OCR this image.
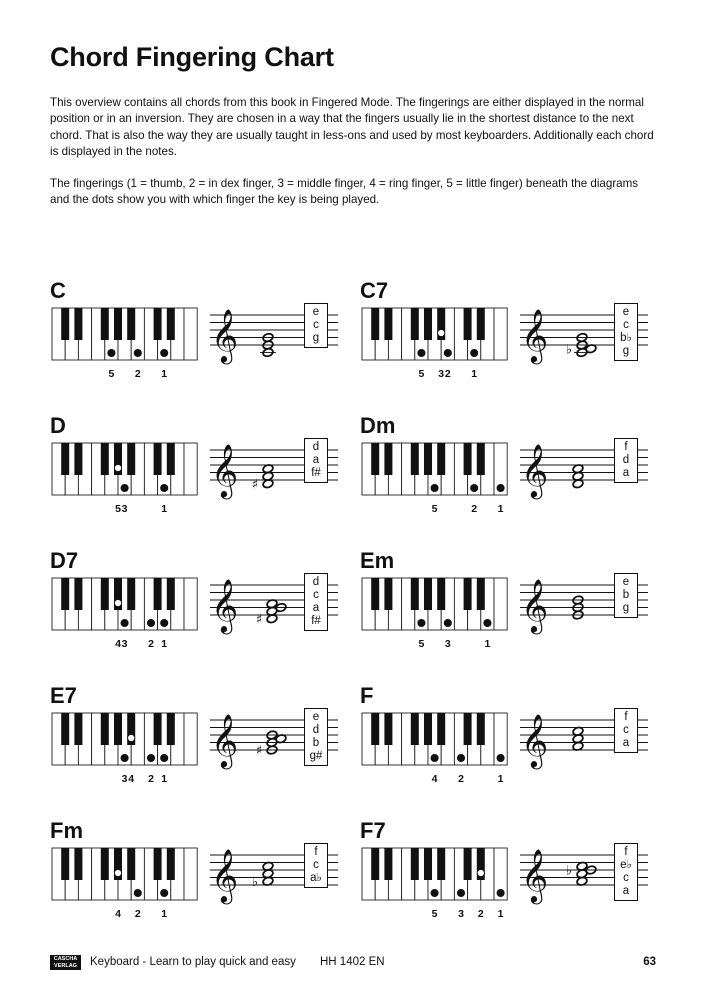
Chord Fingering Chart

This overview contains all chords from this book in Fingered Mode. The fingerings are either displayed in the normal position or in an inversion. They are chosen in a way that the fingers usually lie in the shortest distance to the next chord. That is also the way they are usually taught in less-ons and used by most keyboarders. Additionally each chord is displayed in the notes.

The fingerings (1 = thumb, 2 = in dex finger, 3 = middle finger, 4 = ring finger, 5 = little finger) beneath the diagrams and the dots show you with which finger the key is being played.

C
5 2 1
𝄞	e
c
g
D
5 3	1
𝄞 ♯
d
a
f#
D7
4 3 2 1
𝄞 ♯
d
c
a
f#
E7
4
3 2 1
𝄞 ♯
e
d
b
g#
Fm
4 2 1
𝄞 ♭
f
c
a♭
C7
5 3 2 1
𝄞 ♭
e
c
b♭
g
Dm
5	2 1
𝄞	f
d
a
Em
5 3	1
𝄞	e
b
g
F
4 2	1
𝄞	f
c
a
F7
5 3 2 1
𝄞 ♭
f
e♭
c
a
CASCHA
VERLAG	Keyboard - Learn to play quick and easy HH 1402 EN	63
